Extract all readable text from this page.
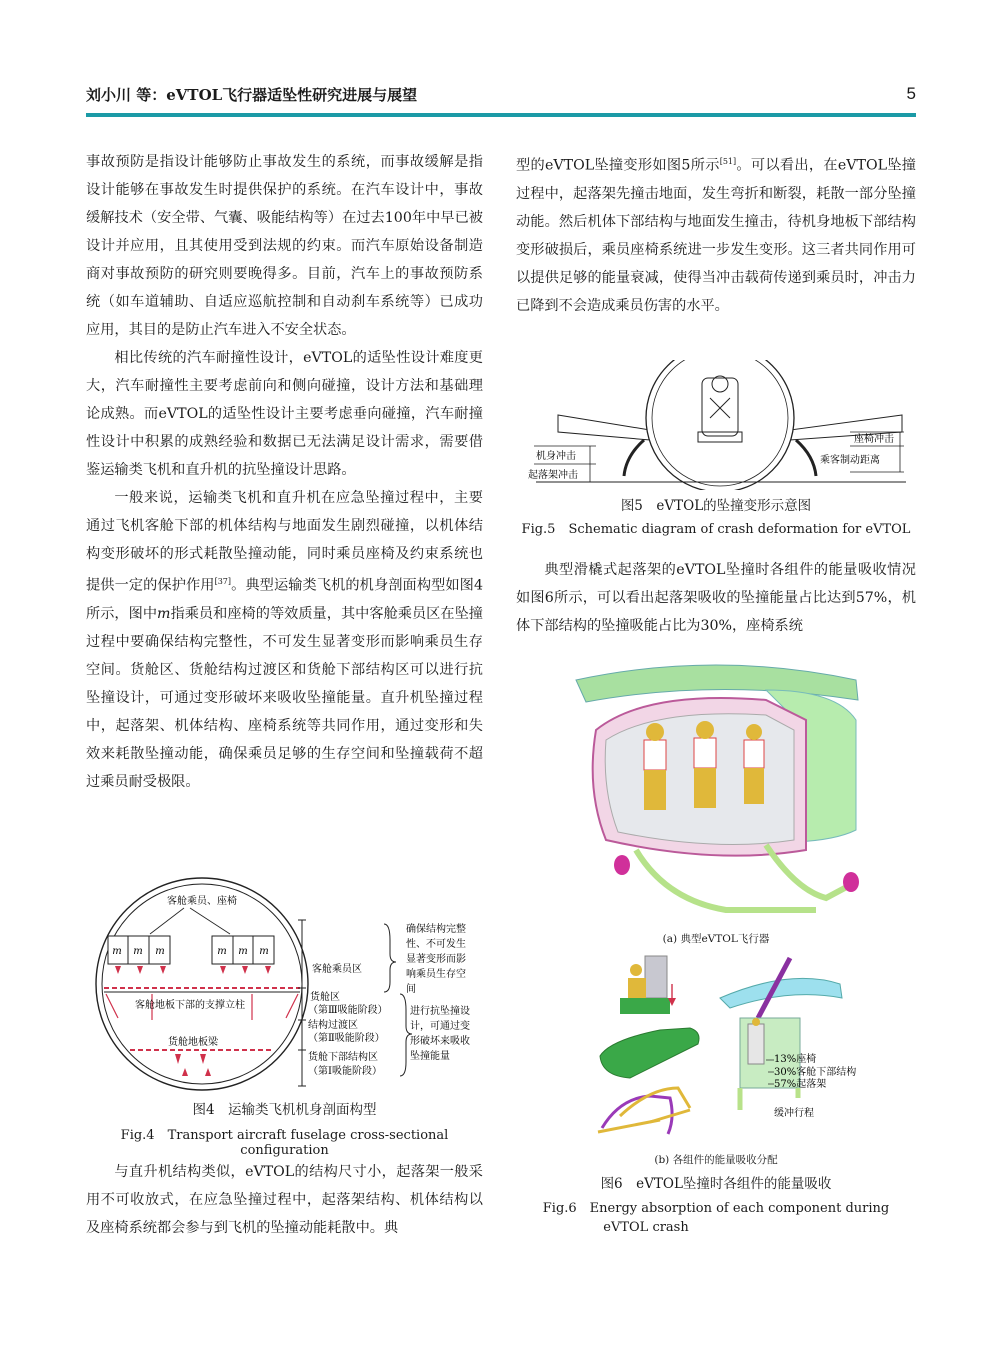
刘小川 等：eVTOL飞行器适坠性研究进展与展望	5

事故预防是指设计能够防止事故发生的系统，而事故缓解是指设计能够在事故发生时提供保护的系统。在汽车设计中，事故缓解技术（安全带、气囊、吸能结构等）在过去100年中早已被设计并应用，且其使用受到法规的约束。而汽车原始设备制造商对事故预防的研究则要晚得多。目前，汽车上的事故预防系统（如车道辅助、自适应巡航控制和自动刹车系统等）已成功应用，其目的是防止汽车进入不安全状态。

相比传统的汽车耐撞性设计，eVTOL的适坠性设计难度更大，汽车耐撞性主要考虑前向和侧向碰撞，设计方法和基础理论成熟。而eVTOL的适坠性设计主要考虑垂向碰撞，汽车耐撞性设计中积累的成熟经验和数据已无法满足设计需求，需要借鉴运输类飞机和直升机的抗坠撞设计思路。

一般来说，运输类飞机和直升机在应急坠撞过程中，主要通过飞机客舱下部的机体结构与地面发生剧烈碰撞，以机体结构变形破坏的形式耗散坠撞动能，同时乘员座椅及约束系统也提供一定的保护作用[37]。典型运输类飞机的机身剖面构型如图4所示，图中m指乘员和座椅的等效质量，其中客舱乘员区在坠撞过程中要确保结构完整性，不可发生显著变形而影响乘员生存空间。货舱区、货舱结构过渡区和货舱下部结构区可以进行抗坠撞设计，可通过变形破坏来吸收坠撞能量。直升机坠撞过程中，起落架、机体结构、座椅系统等共同作用，通过变形和失效来耗散坠撞动能，确保乘员足够的生存空间和坠撞载荷不超过乘员耐受极限。

m m m	m m m
客舱乘员、座椅
客舱地板下部的支撑立柱
货舱地板梁
客舱乘员区
货舱区
（第Ⅲ吸能阶段）
结构过渡区
（第Ⅱ吸能阶段）
货舱下部结构区
（第Ⅰ吸能阶段）
确保结构完整
性、不可发生
显著变形而影
响乘员生存空
间
进行抗坠撞设
计，可通过变
形破坏来吸收
坠撞能量
图4　运输类飞机机身剖面构型
Fig.4　Transport aircraft fuselage cross-sectional configuration

与直升机结构类似，eVTOL的结构尺寸小，起落架一般采用不可收放式，在应急坠撞过程中，起落架结构、机体结构以及座椅系统都会参与到飞机的坠撞动能耗散中。典

型的eVTOL坠撞变形如图5所示[51]。可以看出，在eVTOL坠撞过程中，起落架先撞击地面，发生弯折和断裂，耗散一部分坠撞动能。然后机体下部结构与地面发生撞击，待机身地板下部结构变形破损后，乘员座椅系统进一步发生变形。这三者共同作用可以提供足够的能量衰减，使得当冲击载荷传递到乘员时，冲击力已降到不会造成乘员伤害的水平。

机身冲击
起落架冲击
座椅冲击
乘客制动距离
图5　eVTOL的坠撞变形示意图
Fig.5　Schematic diagram of crash deformation for eVTOL

典型滑橇式起落架的eVTOL坠撞时各组件的能量吸收情况如图6所示，可以看出起落架吸收的坠撞能量占比达到57%，机体下部结构的坠撞吸能占比为30%，座椅系统

(a) 典型eVTOL飞行器
13%座椅
30%客舱下部结构
57%起落架
缓冲行程
(b) 各组件的能量吸收分配
图6　eVTOL坠撞时各组件的能量吸收
Fig.6　Energy absorption of each component during
eVTOL crash
